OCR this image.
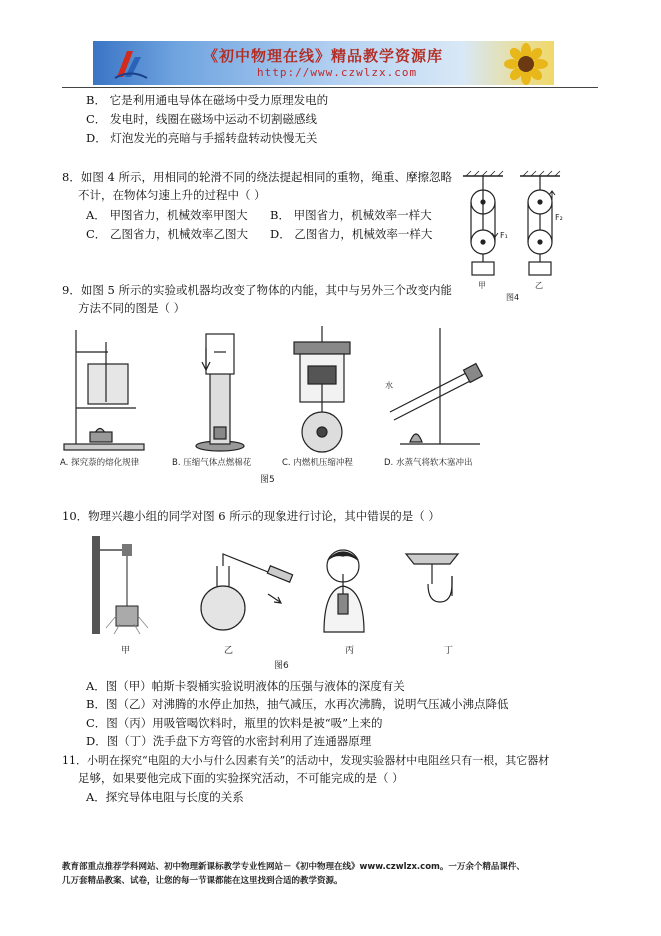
《初中物理在线》精品教学资源库
http://www.czwlzx.com
B． 它是利用通电导体在磁场中受力原理发电的
C． 发电时，线圈在磁场中运动不切割磁感线
D． 灯泡发光的亮暗与手摇转盘转动快慢无关
8．如图 4 所示，用相同的轮滑不同的绕法提起相同的重物，绳重、摩擦忽略
不计，在物体匀速上升的过程中（ ）
A． 甲图省力，机械效率甲图大 B． 甲图省力，机械效率一样大
C． 乙图省力，机械效率乙图大 D． 乙图省力，机械效率一样大	F₁
F₂
甲	乙
图4
9．如图 5 所示的实验或机器均改变了物体的内能，其中与另外三个改变内能
方法不同的图是（ ）
水
A. 探究萘的熔化规律	B. 压缩气体点燃棉花	C. 内燃机压缩冲程	D. 水蒸气将软木塞冲出
图5
10．物理兴趣小组的同学对图 6 所示的现象进行讨论，其中错误的是（ ）
甲	乙	丙	丁
图6
A．图（甲）帕斯卡裂桶实验说明液体的压强与液体的深度有关
B．图（乙）对沸腾的水停止加热，抽气减压，水再次沸腾，说明气压减小沸点降低
C．图（丙）用吸管喝饮料时，瓶里的饮料是被“吸”上来的
D．图（丁）洗手盘下方弯管的水密封利用了连通器原理
11．小明在探究“电阻的大小与什么因素有关”的活动中，发现实验器材中电阻丝只有一根，其它器材
足够，如果要他完成下面的实验探究活动，不可能完成的是（ ）
A．探究导体电阻与长度的关系
教育部重点推荐学科网站、初中物理新课标教学专业性网站－《初中物理在线》www.czwlzx.com。一万余个精品课件、
几万套精品教案、试卷，让您的每一节课都能在这里找到合适的教学资源。
